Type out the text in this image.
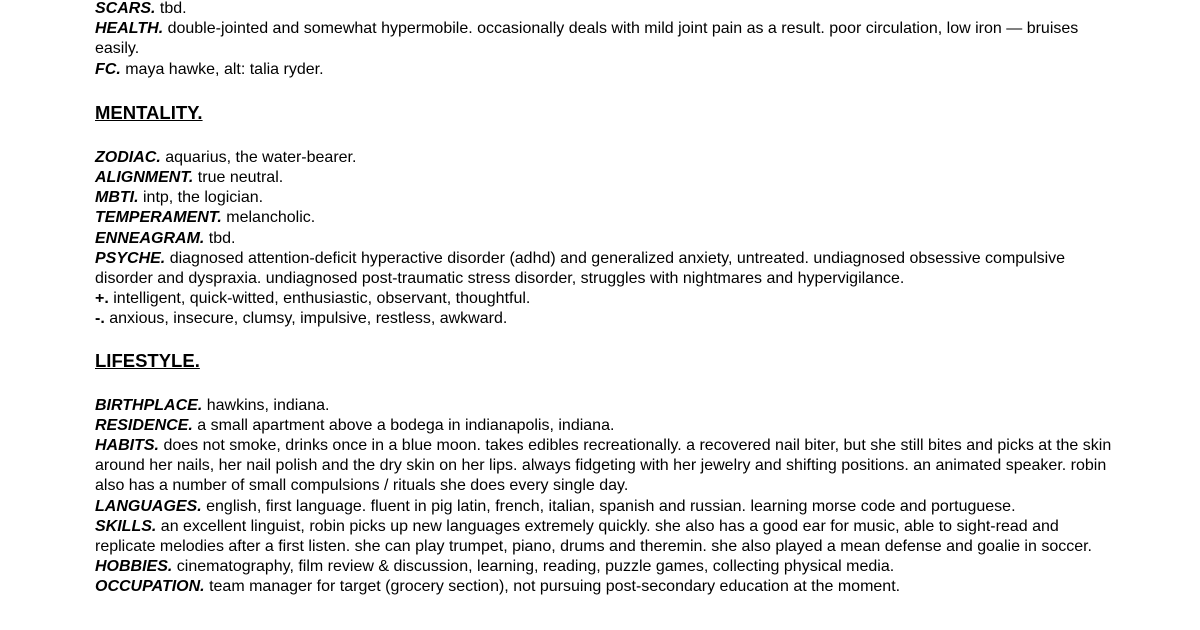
SCARS. tbd.

HEALTH. double-jointed and somewhat hypermobile. occasionally deals with mild joint pain as a result. poor circulation, low iron — bruises easily.

FC. maya hawke, alt: talia ryder.

MENTALITY.

ZODIAC. aquarius, the water-bearer.

ALIGNMENT. true neutral.

MBTI. intp, the logician.

TEMPERAMENT. melancholic.

ENNEAGRAM. tbd.

PSYCHE. diagnosed attention-deficit hyperactive disorder (adhd) and generalized anxiety, untreated. undiagnosed obsessive compulsive disorder and dyspraxia. undiagnosed post-traumatic stress disorder, struggles with nightmares and hypervigilance.

+. intelligent, quick-witted, enthusiastic, observant, thoughtful.

-. anxious, insecure, clumsy, impulsive, restless, awkward.

LIFESTYLE.

BIRTHPLACE. hawkins, indiana.

RESIDENCE. a small apartment above a bodega in indianapolis, indiana.

HABITS. does not smoke, drinks once in a blue moon. takes edibles recreationally. a recovered nail biter, but she still bites and picks at the skin around her nails, her nail polish and the dry skin on her lips. always fidgeting with her jewelry and shifting positions. an animated speaker. robin also has a number of small compulsions / rituals she does every single day.

LANGUAGES. english, first language. fluent in pig latin, french, italian, spanish and russian. learning morse code and portuguese.

SKILLS. an excellent linguist, robin picks up new languages extremely quickly. she also has a good ear for music, able to sight-read and replicate melodies after a first listen. she can play trumpet, piano, drums and theremin. she also played a mean defense and goalie in soccer.

HOBBIES. cinematography, film review & discussion, learning, reading, puzzle games, collecting physical media.

OCCUPATION. team manager for target (grocery section), not pursuing post-secondary education at the moment.
